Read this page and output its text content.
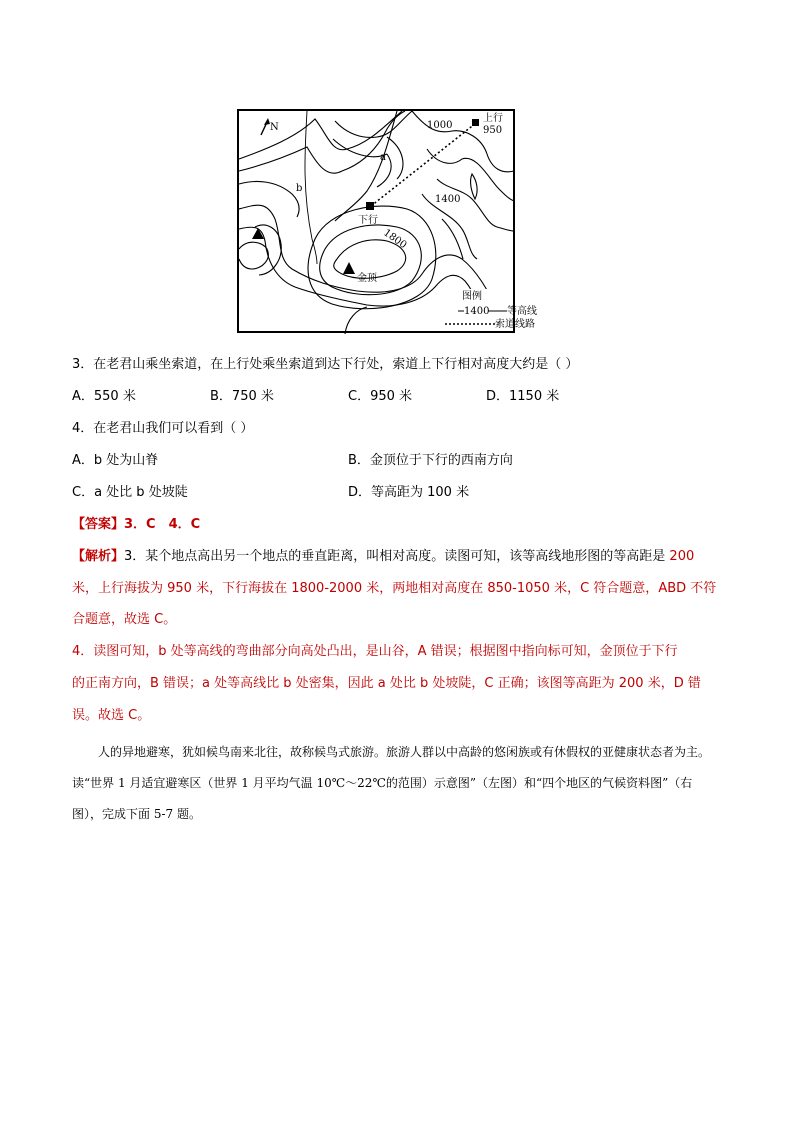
N	1000
上行
950
a
b
1400
下行
1800
金顶
图例
1400 等高线
索道线路
3．在老君山乘坐索道，在上行处乘坐索道到达下行处，索道上下行相对高度大约是（ ）
A．550 米	B．750 米	C．950 米	D．1150 米
4．在老君山我们可以看到（ ）
A．b 处为山脊	B．金顶位于下行的西南方向
C．a 处比 b 处坡陡	D．等高距为 100 米
【答案】3．C　4．C
【解析】3．某个地点高出另一个地点的垂直距离，叫相对高度。读图可知，该等高线地形图的等高距是 200
米，上行海拔为 950 米，下行海拔在 1800-2000 米，两地相对高度在 850-1050 米，C 符合题意，ABD 不符
合题意，故选 C。
4．读图可知，b 处等高线的弯曲部分向高处凸出，是山谷，A 错误；根据图中指向标可知，金顶位于下行
的正南方向，B 错误；a 处等高线比 b 处密集，因此 a 处比 b 处坡陡，C 正确；该图等高距为 200 米，D 错
误。故选 C。
人的异地避寒，犹如候鸟南来北往，故称候鸟式旅游。旅游人群以中高龄的悠闲族或有休假权的亚健康状态者为主。读“世界 1 月适宜避寒区（世界 1 月平均气温 10℃～22℃的范围）示意图”（左图）和“四个地区的气候资料图”（右图），完成下面 5-7 题。
